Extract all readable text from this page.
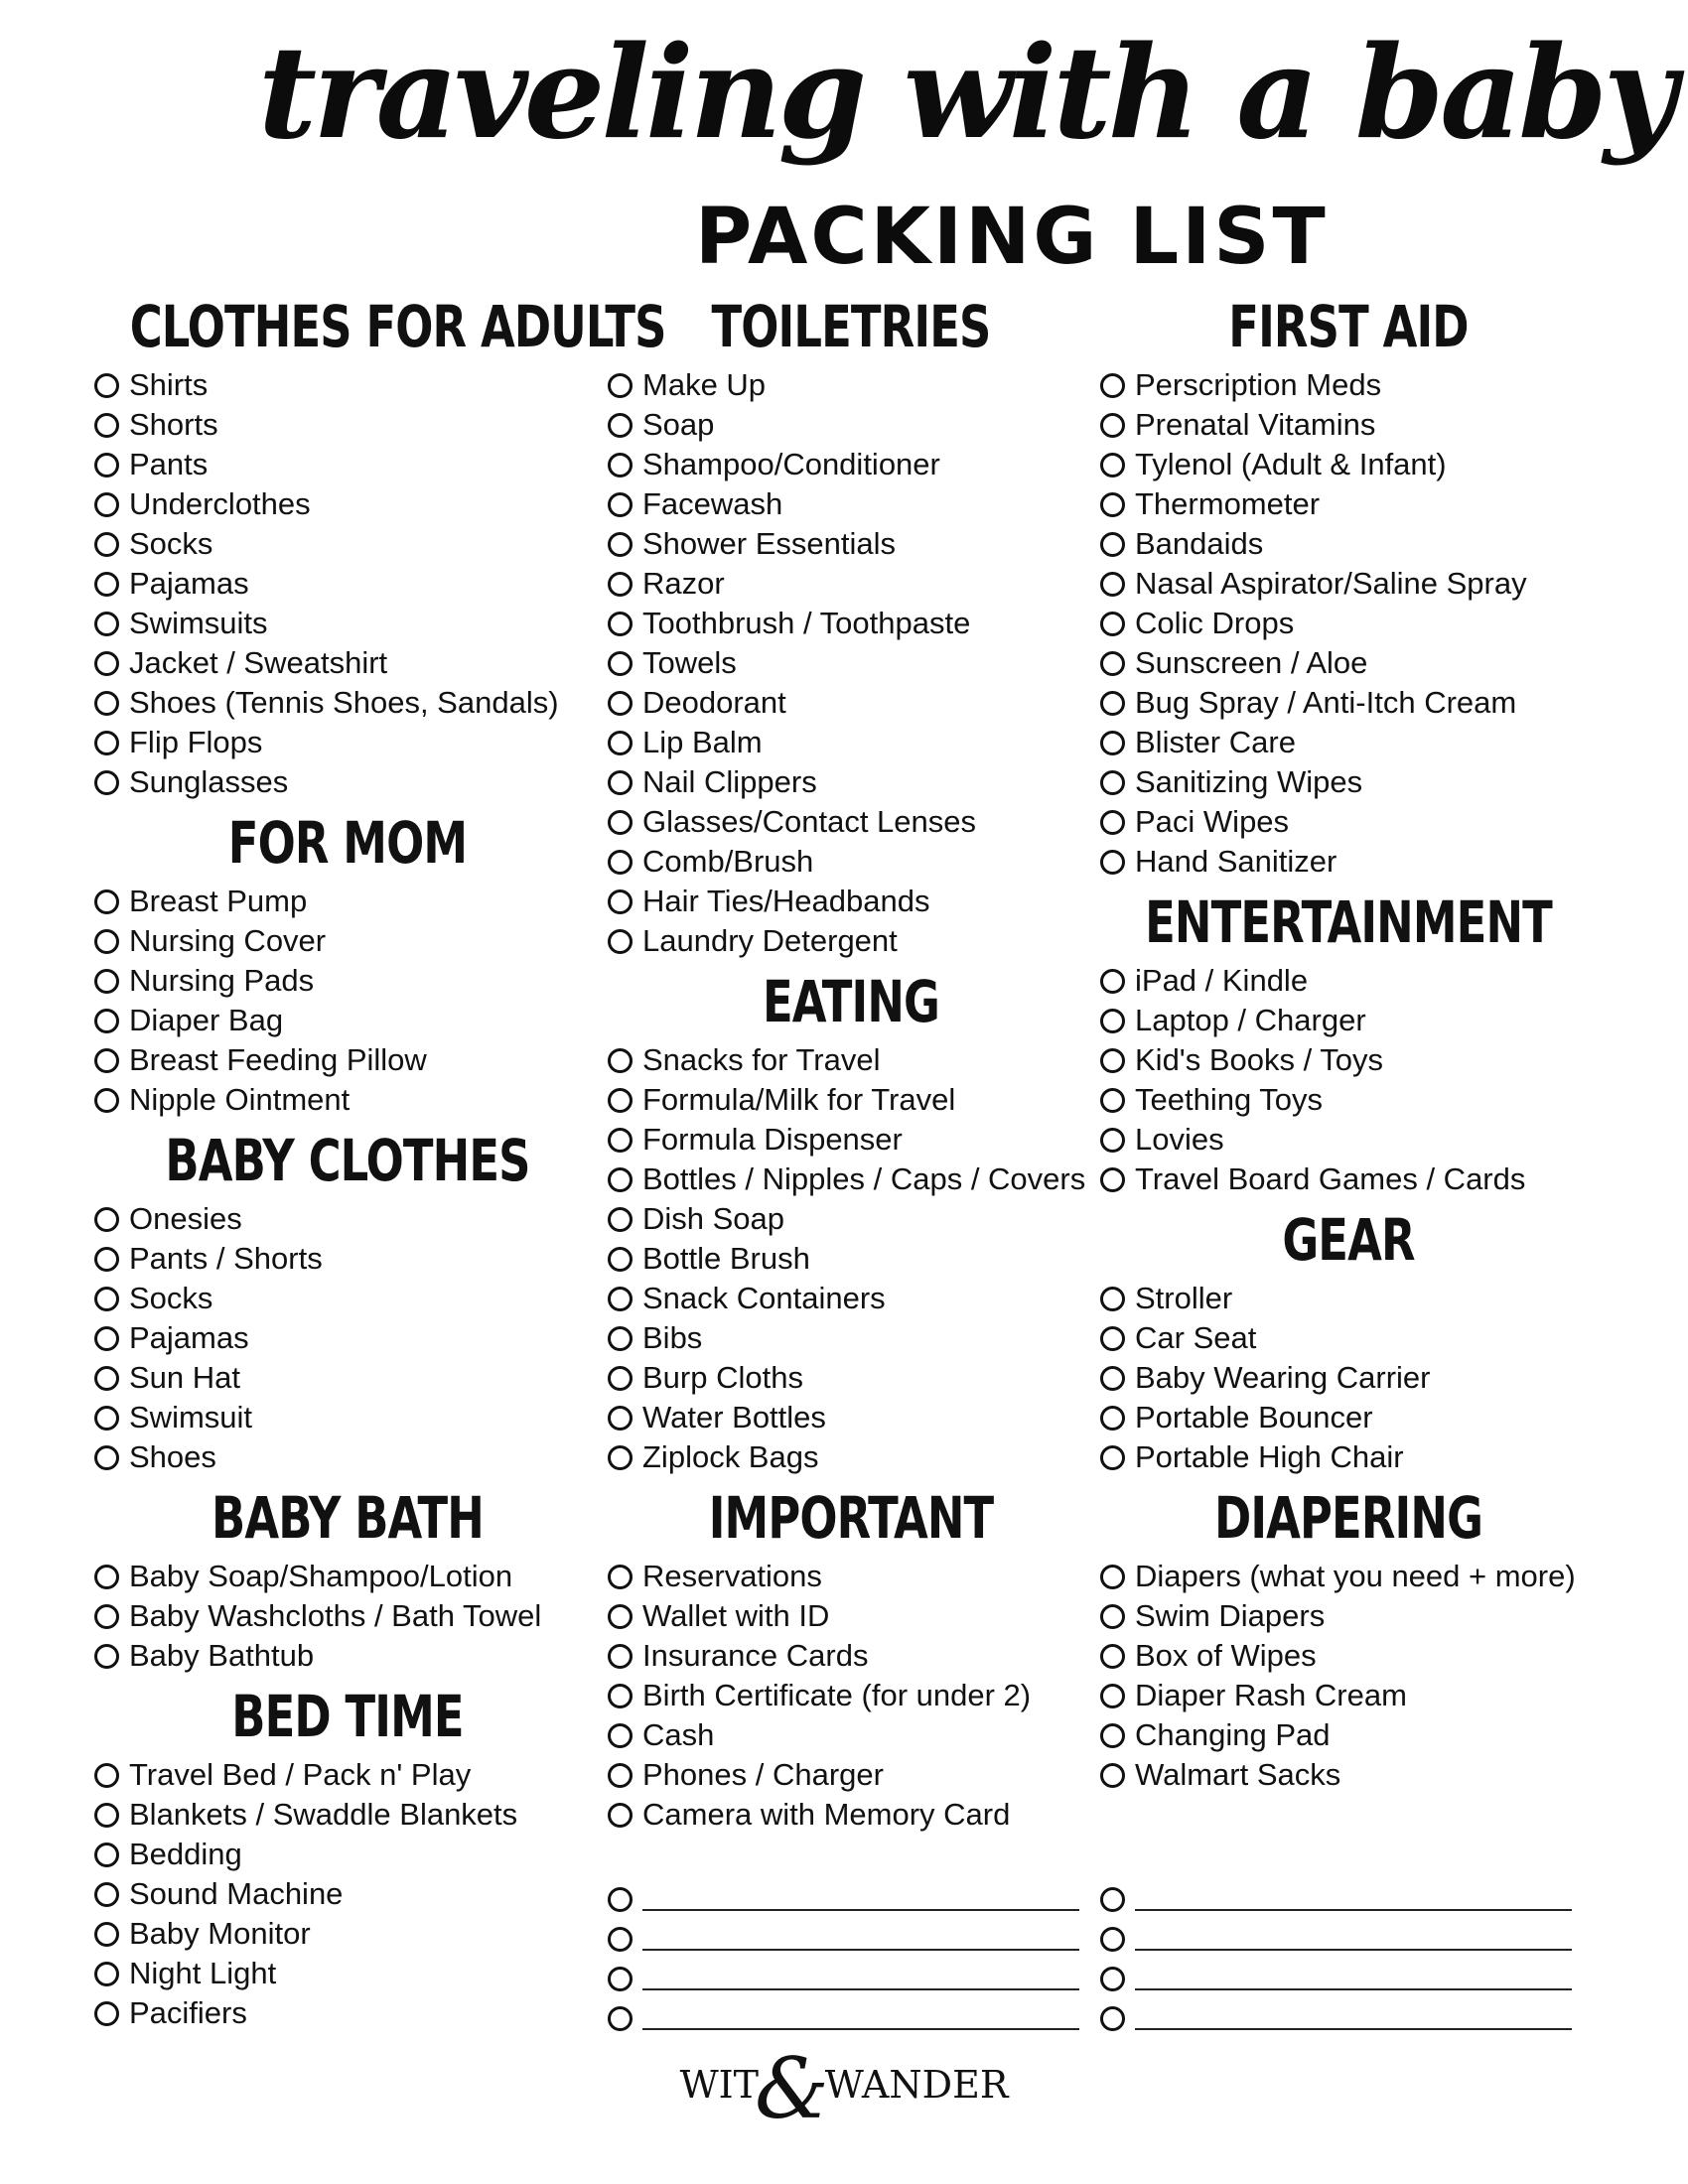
traveling with a baby
PACKING LIST
CLOTHES FOR ADULTS
Shirts
Shorts
Pants
Underclothes
Socks
Pajamas
Swimsuits
Jacket / Sweatshirt
Shoes (Tennis Shoes, Sandals)
Flip Flops
Sunglasses
FOR MOM
Breast Pump
Nursing Cover
Nursing Pads
Diaper Bag
Breast Feeding Pillow
Nipple Ointment
BABY CLOTHES
Onesies
Pants / Shorts
Socks
Pajamas
Sun Hat
Swimsuit
Shoes
BABY BATH
Baby Soap/Shampoo/Lotion
Baby Washcloths / Bath Towel
Baby Bathtub
BED TIME
Travel Bed / Pack n' Play
Blankets / Swaddle Blankets
Bedding
Sound Machine
Baby Monitor
Night Light
Pacifiers
TOILETRIES
Make Up
Soap
Shampoo/Conditioner
Facewash
Shower Essentials
Razor
Toothbrush / Toothpaste
Towels
Deodorant
Lip Balm
Nail Clippers
Glasses/Contact Lenses
Comb/Brush
Hair Ties/Headbands
Laundry Detergent
EATING
Snacks for Travel
Formula/Milk for Travel
Formula Dispenser
Bottles / Nipples / Caps / Covers
Dish Soap
Bottle Brush
Snack Containers
Bibs
Burp Cloths
Water Bottles
Ziplock Bags
IMPORTANT
Reservations
Wallet with ID
Insurance Cards
Birth Certificate (for under 2)
Cash
Phones / Charger
Camera with Memory Card
FIRST AID
Perscription Meds
Prenatal Vitamins
Tylenol (Adult & Infant)
Thermometer
Bandaids
Nasal Aspirator/Saline Spray
Colic Drops
Sunscreen / Aloe
Bug Spray / Anti-Itch Cream
Blister Care
Sanitizing Wipes
Paci Wipes
Hand Sanitizer
ENTERTAINMENT
iPad / Kindle
Laptop / Charger
Kid's Books / Toys
Teething Toys
Lovies
Travel Board Games / Cards
GEAR
Stroller
Car Seat
Baby Wearing Carrier
Portable Bouncer
Portable High Chair
DIAPERING
Diapers (what you need + more)
Swim Diapers
Box of Wipes
Diaper Rash Cream
Changing Pad
Walmart Sacks
WIT
&
WANDER
